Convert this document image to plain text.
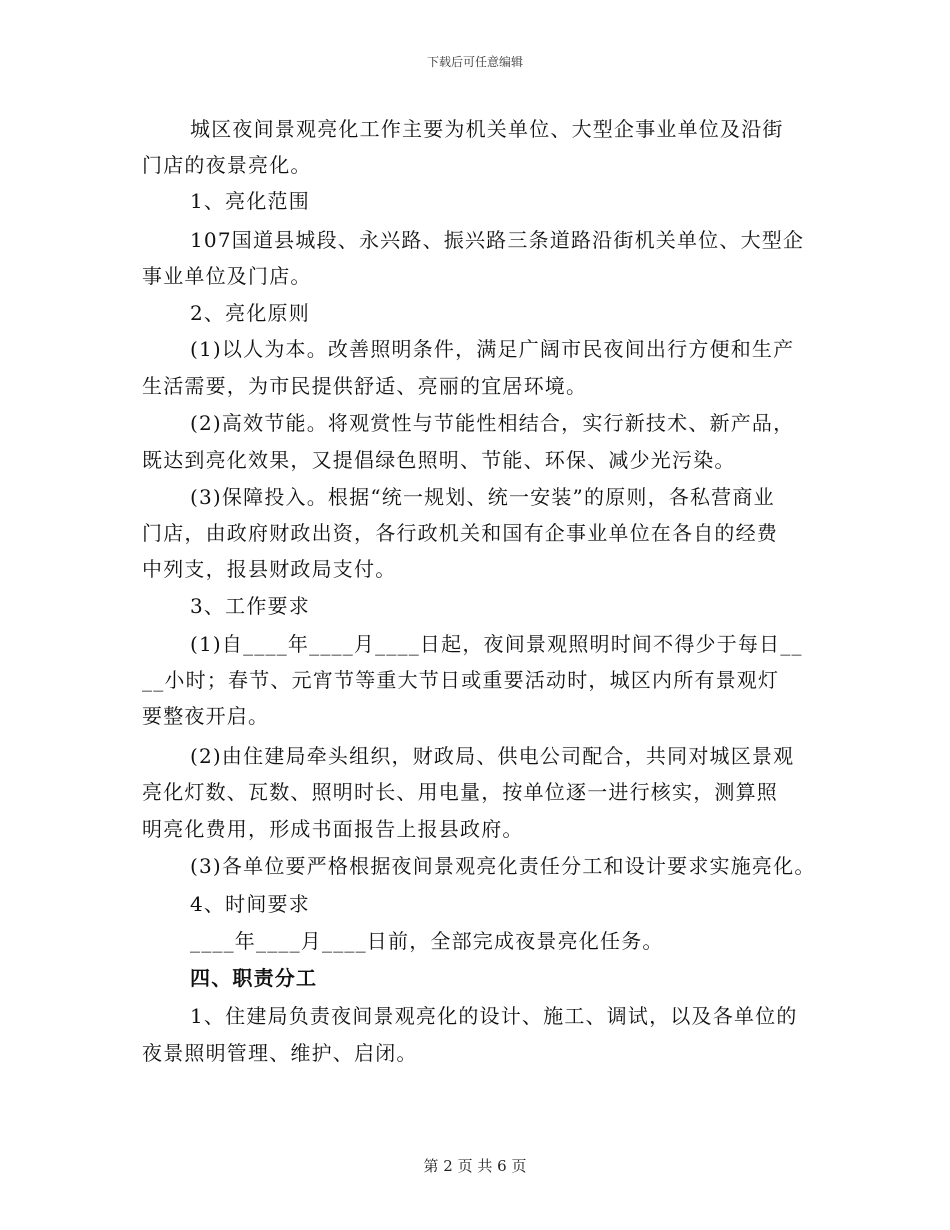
下载后可任意编辑
城区夜间景观亮化工作主要为机关单位、大型企事业单位及沿街
门店的夜景亮化。
1、亮化范围
107国道县城段、永兴路、振兴路三条道路沿街机关单位、大型企
事业单位及门店。
2、亮化原则
(1)以人为本。改善照明条件，满足广阔市民夜间出行方便和生产
生活需要，为市民提供舒适、亮丽的宜居环境。
(2)高效节能。将观赏性与节能性相结合，实行新技术、新产品，
既达到亮化效果，又提倡绿色照明、节能、环保、减少光污染。
(3)保障投入。根据“统一规划、统一安装”的原则，各私营商业
门店，由政府财政出资，各行政机关和国有企事业单位在各自的经费
中列支，报县财政局支付。
3、工作要求
(1)自____年____月____日起，夜间景观照明时间不得少于每日__
__小时；春节、元宵节等重大节日或重要活动时，城区内所有景观灯
要整夜开启。
(2)由住建局牵头组织，财政局、供电公司配合，共同对城区景观
亮化灯数、瓦数、照明时长、用电量，按单位逐一进行核实，测算照
明亮化费用，形成书面报告上报县政府。
(3)各单位要严格根据夜间景观亮化责任分工和设计要求实施亮化。
4、时间要求
____年____月____日前，全部完成夜景亮化任务。
四、职责分工
1、住建局负责夜间景观亮化的设计、施工、调试，以及各单位的
夜景照明管理、维护、启闭。
第 2 页 共 6 页
